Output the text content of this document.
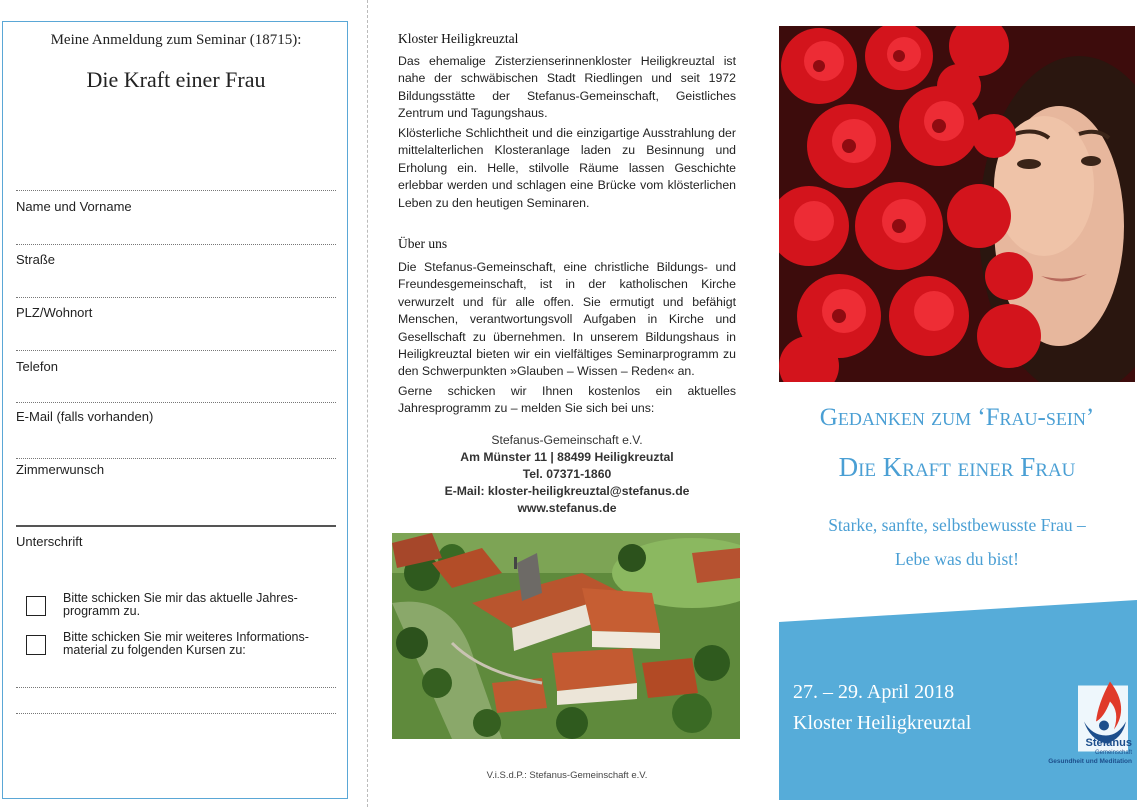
Meine Anmeldung zum Seminar (18715):
Die Kraft einer Frau
Name und Vorname
Straße
PLZ/Wohnort
Telefon
E-Mail (falls vorhanden)
Zimmerwunsch
Unterschrift
Bitte schicken Sie mir das aktuelle Jahres-programm zu.
Bitte schicken Sie mir weiteres Informations-material zu folgenden Kursen zu:
Kloster Heiligkreuztal

Das ehemalige Zisterzienserinnenkloster Heiligkreuztal ist nahe der schwäbischen Stadt Riedlingen und seit 1972 Bildungsstätte der Stefanus-Gemeinschaft, Geistliches Zentrum und Tagungshaus.

Klösterliche Schlichtheit und die einzigartige Ausstrahlung der mittelalterlichen Klosteranlage laden zu Besinnung und Erholung ein. Helle, stilvolle Räume lassen Geschichte erlebbar werden und schlagen eine Brücke vom klösterlichen Leben zu den heutigen Seminaren.

Über uns

Die Stefanus-Gemeinschaft, eine christliche Bildungs- und Freundesgemeinschaft, ist in der katholischen Kirche verwurzelt und für alle offen. Sie ermutigt und befähigt Menschen, verantwortungsvoll Aufgaben in Kirche und Gesellschaft zu übernehmen. In unserem Bildungshaus in Heiligkreuztal bieten wir ein vielfältiges Seminarprogramm zu den Schwerpunkten »Glauben – Wissen – Reden« an.

Gerne schicken wir Ihnen kostenlos ein aktuelles Jahresprogramm zu – melden Sie sich bei uns:

Stefanus-Gemeinschaft e.V.
Am Münster 11 | 88499 Heiligkreuztal
Tel. 07371-1860
E-Mail: kloster-heiligkreuztal@stefanus.de
www.stefanus.de
V.i.S.d.P.: Stefanus-Gemeinschaft e.V.
Gedanken zum ‘Frau-sein’
Die Kraft einer Frau
Starke, sanfte, selbstbewusste Frau –
Lebe was du bist!
27. – 29. April 2018
Kloster Heiligkreuztal
Stefanus
Gemeinschaft
Gesundheit und Meditation
